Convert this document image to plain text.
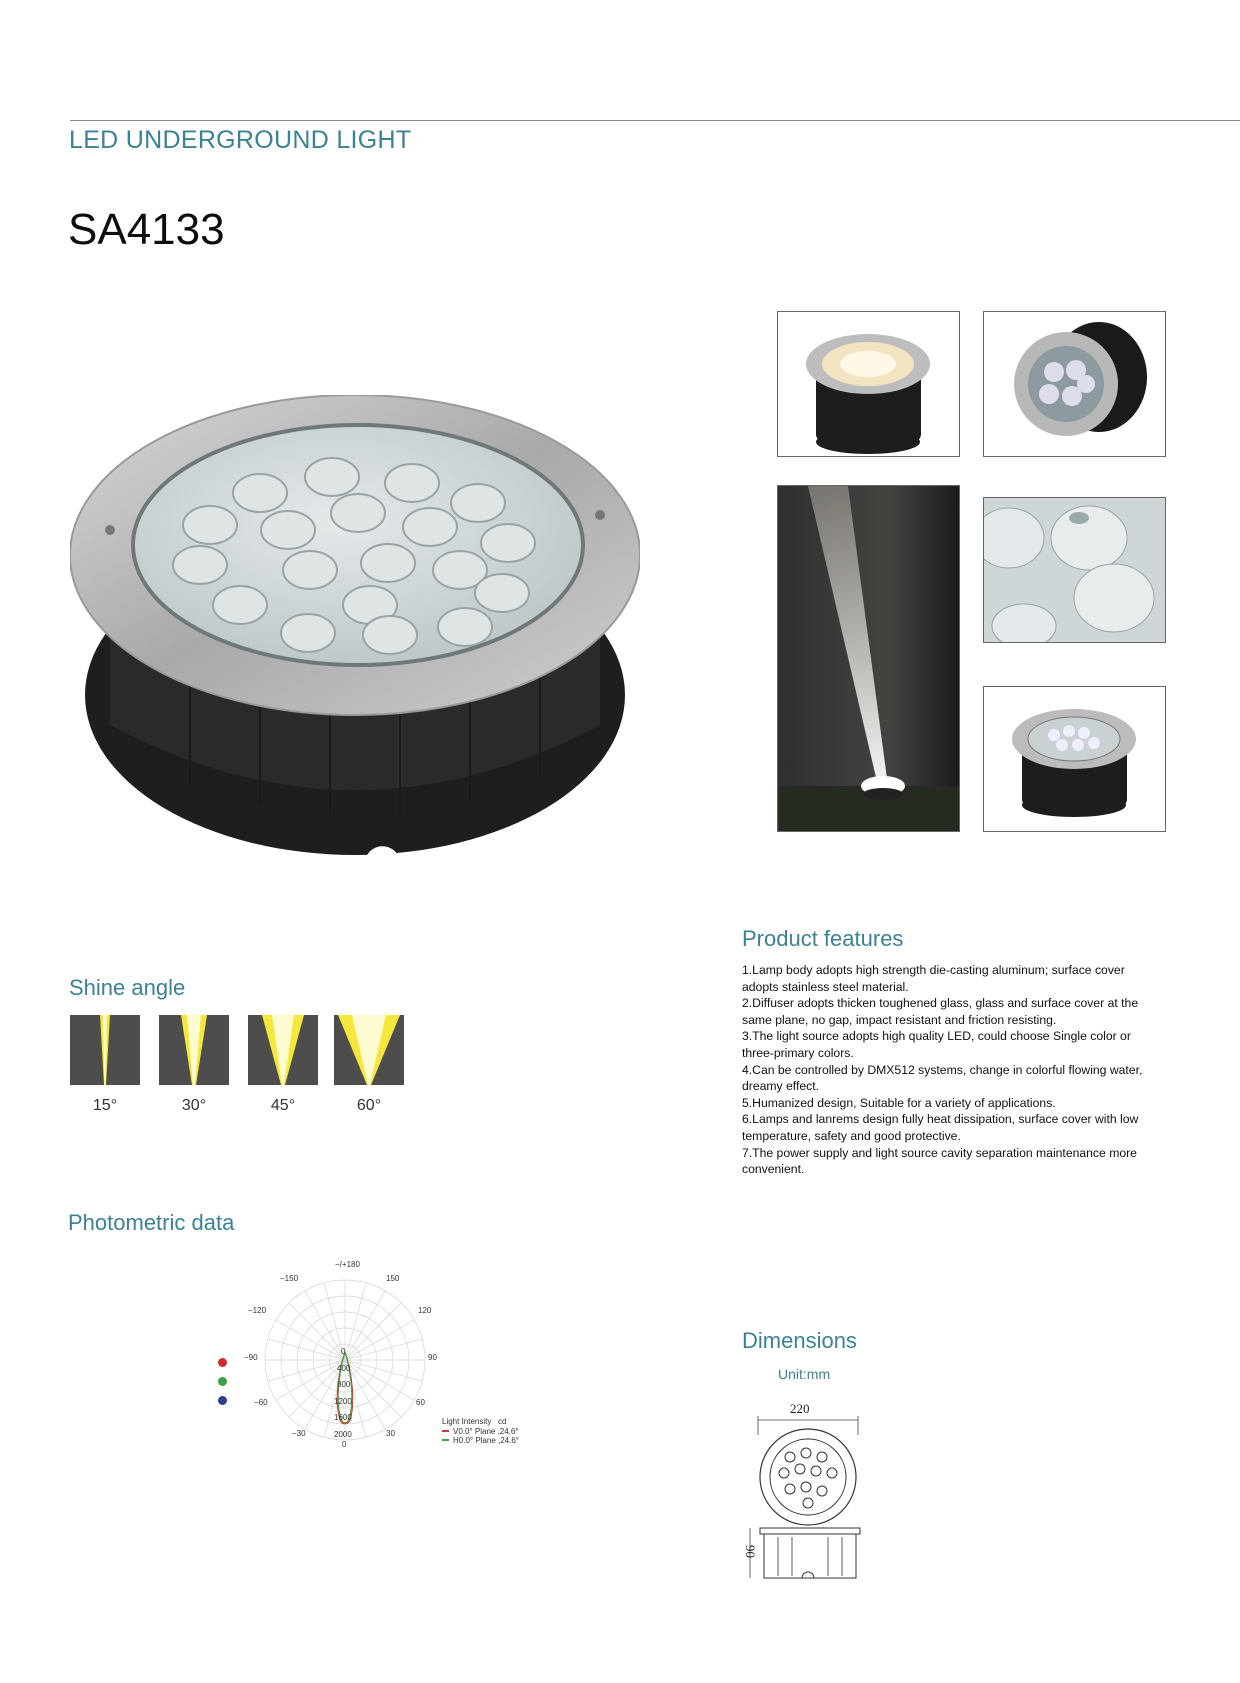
LED UNDERGROUND LIGHT
SA4133
Shine angle
15°	30°	45°	60°
Product features
1.Lamp body adopts high strength die-casting aluminum; surface cover adopts stainless steel material.
2.Diffuser adopts thicken toughened glass, glass and surface cover at the same plane, no gap, impact resistant and friction resisting.
3.The light source adopts high quality LED, could choose Single color or three-primary colors.
4.Can be controlled by DMX512 systems, change in colorful flowing water, dreamy effect.
5.Humanized design, Suitable for a variety of applications.
6.Lamps and lanrems design fully heat dissipation, surface cover with low temperature, safety and good protective.
7.The power supply and light source cavity separation maintenance more convenient.
Photometric data
−/+180
−150	150
−120	120
−90	90
−60	60
−30	30
0
0
400
800
1200
1600
2000
Light Intensity cd
V0.0° Plane ,24.6°
H0.0° Plane ,24.6°
Dimensions
Unit:mm
220
90
